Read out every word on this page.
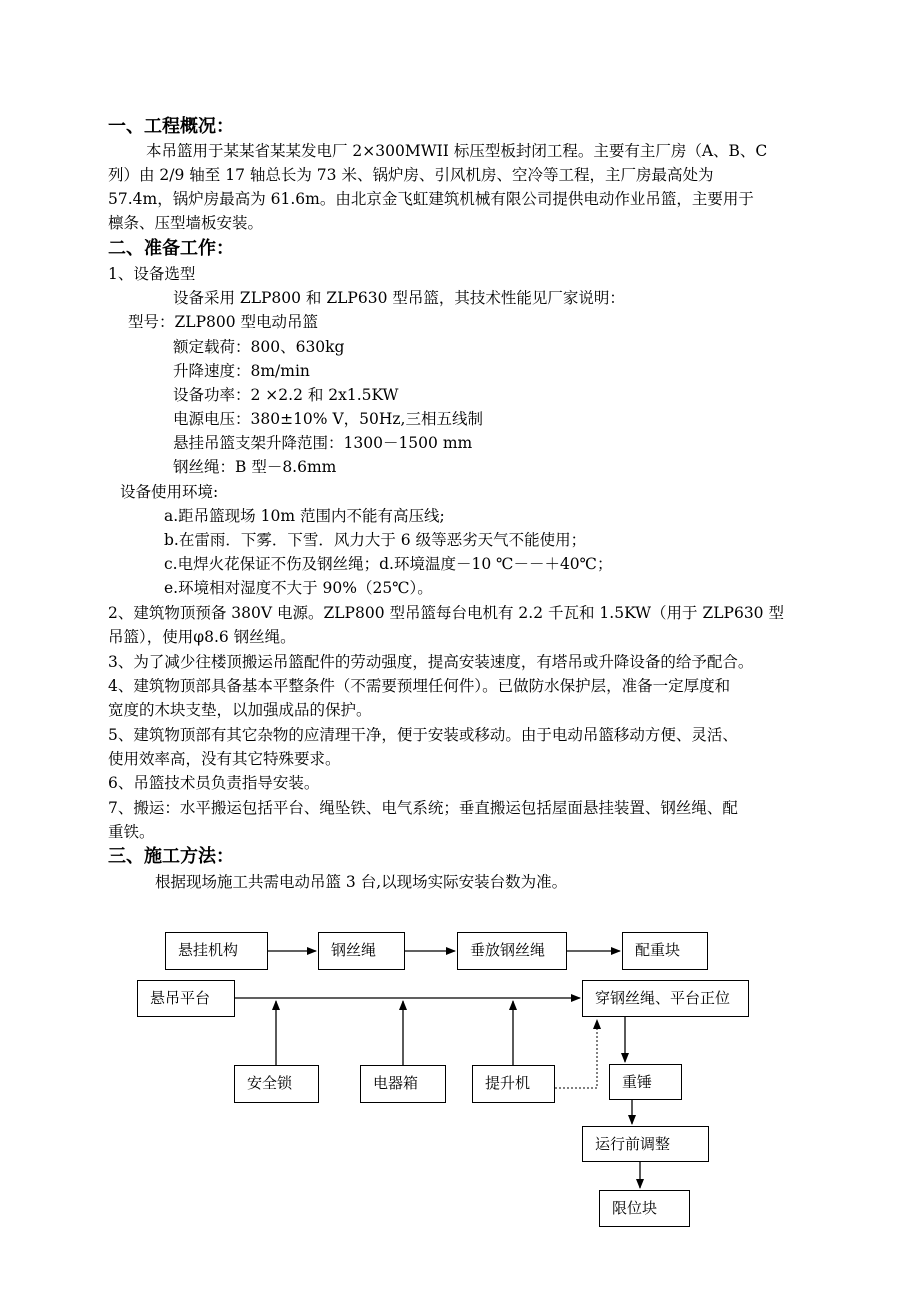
一、工程概况：
本吊篮用于某某省某某发电厂 2×300MWII 标压型板封闭工程。主要有主厂房（A、B、C
列）由 2/9 轴至 17 轴总长为 73 米、锅炉房、引风机房、空冷等工程，主厂房最高处为
57.4m，锅炉房最高为 61.6m。由北京金飞虹建筑机械有限公司提供电动作业吊篮，主要用于
檩条、压型墙板安装。
二、准备工作：
1、设备选型
设备采用 ZLP800 和 ZLP630 型吊篮，其技术性能见厂家说明：
型号：ZLP800 型电动吊篮
额定载荷：800、630kg
升降速度：8m/min
设备功率：2 ×2.2 和 2x1.5KW
电源电压：380±10% V，50Hz,三相五线制
悬挂吊篮支架升降范围：1300－1500 mm
钢丝绳：B 型－8.6mm
设备使用环境:
a.距吊篮现场 10m 范围内不能有高压线;
b.在雷雨．下雾．下雪．风力大于 6 级等恶劣天气不能使用；
c.电焊火花保证不伤及钢丝绳；d.环境温度－10 ℃－－＋40℃；
e.环境相对湿度不大于 90%（25℃）。
2、建筑物顶预备 380V 电源。ZLP800 型吊篮每台电机有 2.2 千瓦和 1.5KW（用于 ZLP630 型
吊篮），使用φ8.6 钢丝绳。
3、为了减少往楼顶搬运吊篮配件的劳动强度，提高安装速度，有塔吊或升降设备的给予配合。
4、建筑物顶部具备基本平整条件（不需要预埋任何件）。已做防水保护层，准备一定厚度和
宽度的木块支垫，以加强成品的保护。
5、建筑物顶部有其它杂物的应清理干净，便于安装或移动。由于电动吊篮移动方便、灵活、
使用效率高，没有其它特殊要求。
6、吊篮技术员负责指导安装。
7、搬运：水平搬运包括平台、绳坠铁、电气系统；垂直搬运包括屋面悬挂装置、钢丝绳、配
重铁。
三、施工方法：
根据现场施工共需电动吊篮 3 台,以现场实际安装台数为准。
悬挂机构	钢丝绳	垂放钢丝绳	配重块
悬吊平台	穿钢丝绳、平台正位
安全锁	电器箱	提升机	重锤
运行前调整
限位块
